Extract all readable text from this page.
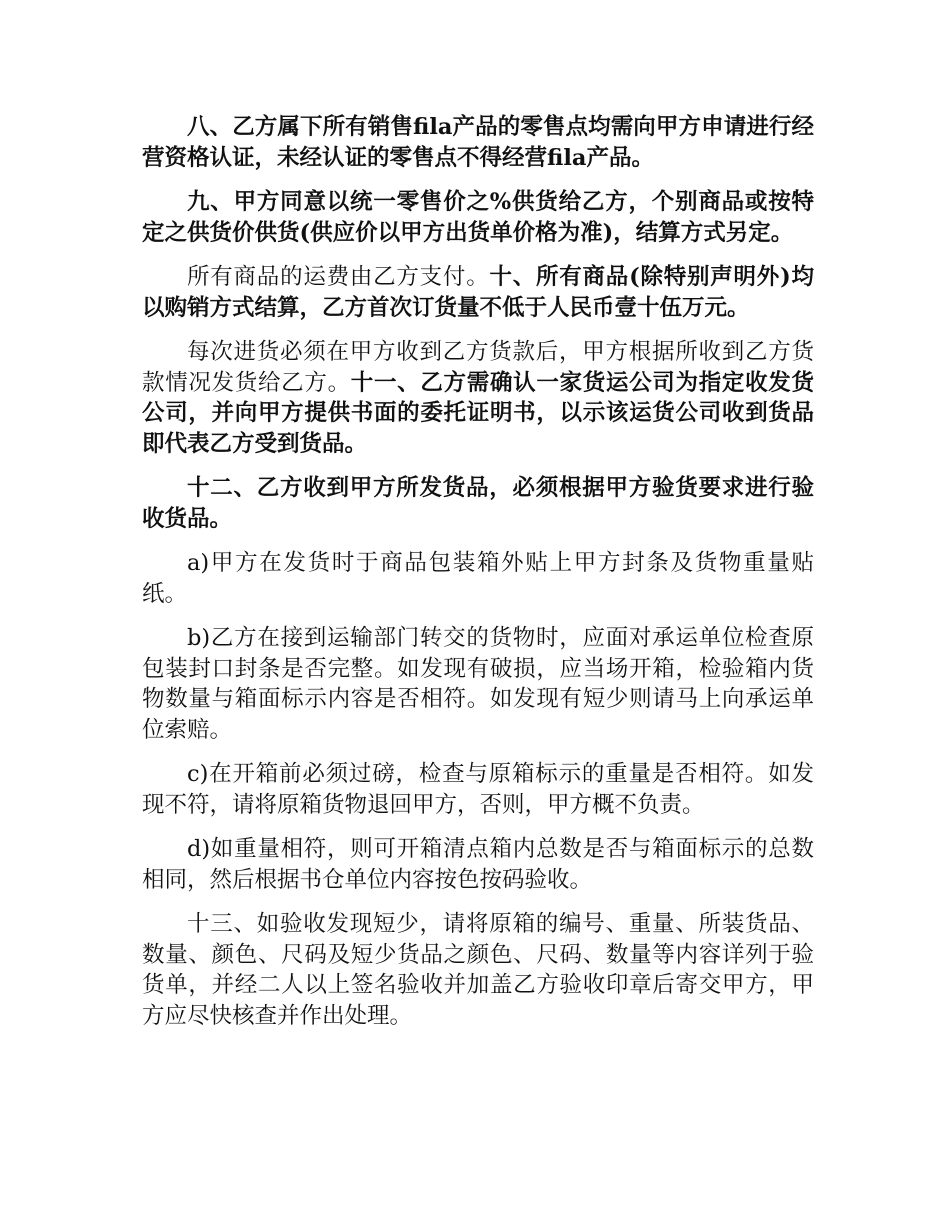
八、乙方属下所有销售fila产品的零售点均需向甲方申请进行经营资格认证，未经认证的零售点不得经营fila产品。

九、甲方同意以统一零售价之%供货给乙方，个别商品或按特定之供货价供货(供应价以甲方出货单价格为准)，结算方式另定。

所有商品的运费由乙方支付。十、所有商品(除特别声明外)均以购销方式结算，乙方首次订货量不低于人民币壹十伍万元。

每次进货必须在甲方收到乙方货款后，甲方根据所收到乙方货款情况发货给乙方。十一、乙方需确认一家货运公司为指定收发货公司，并向甲方提供书面的委托证明书，以示该运货公司收到货品即代表乙方受到货品。

十二、乙方收到甲方所发货品，必须根据甲方验货要求进行验收货品。

a)甲方在发货时于商品包装箱外贴上甲方封条及货物重量贴纸。

b)乙方在接到运输部门转交的货物时，应面对承运单位检查原包装封口封条是否完整。如发现有破损，应当场开箱，检验箱内货物数量与箱面标示内容是否相符。如发现有短少则请马上向承运单位索赔。

c)在开箱前必须过磅，检查与原箱标示的重量是否相符。如发现不符，请将原箱货物退回甲方，否则，甲方概不负责。

d)如重量相符，则可开箱清点箱内总数是否与箱面标示的总数相同，然后根据书仓单位内容按色按码验收。

十三、如验收发现短少，请将原箱的编号、重量、所装货品、数量、颜色、尺码及短少货品之颜色、尺码、数量等内容详列于验货单，并经二人以上签名验收并加盖乙方验收印章后寄交甲方，甲方应尽快核查并作出处理。
